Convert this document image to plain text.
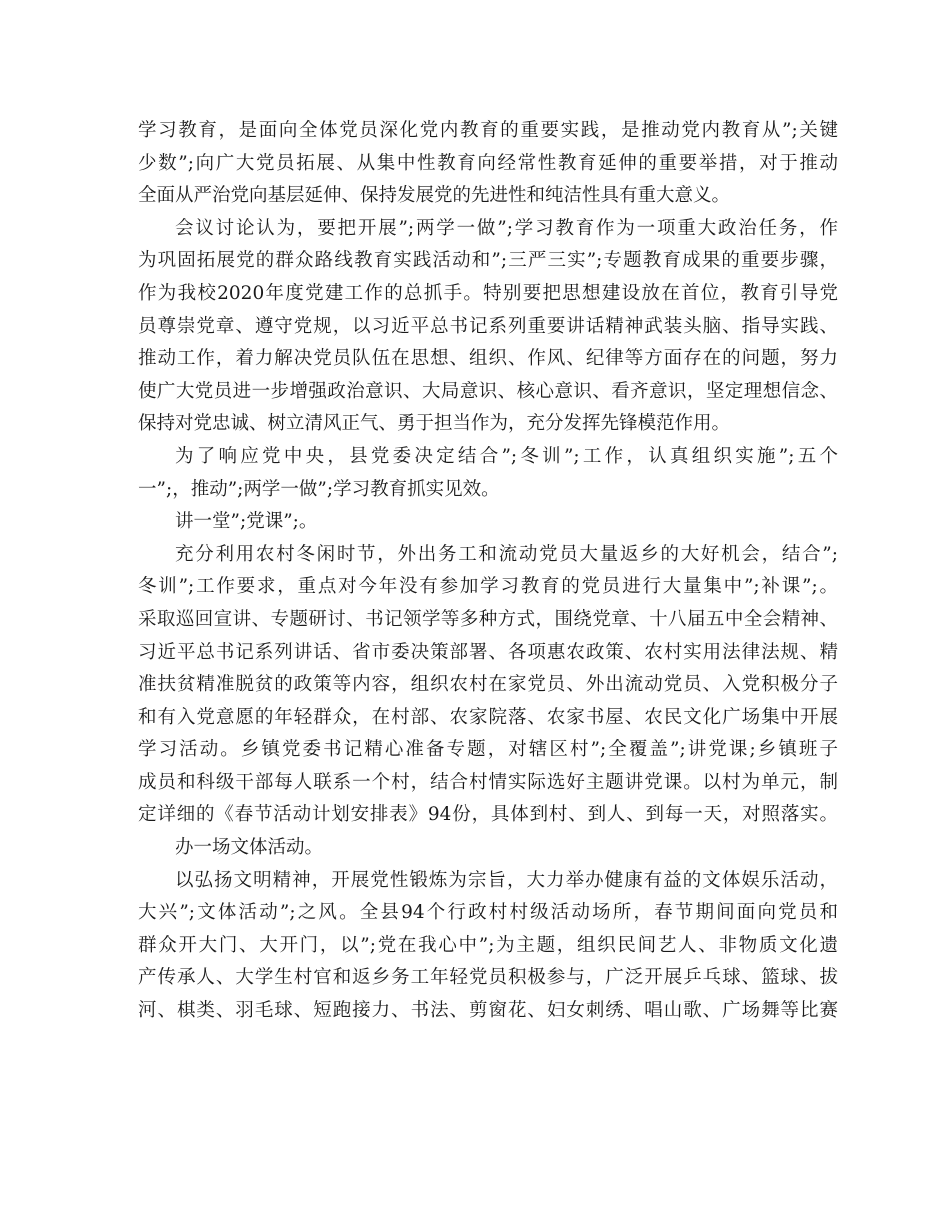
学习教育，是面向全体党员深化党内教育的重要实践，是推动党内教育从”;关键
少数”;向广大党员拓展、从集中性教育向经常性教育延伸的重要举措，对于推动
全面从严治党向基层延伸、保持发展党的先进性和纯洁性具有重大意义。
会议讨论认为，要把开展”;两学一做”;学习教育作为一项重大政治任务，作
为巩固拓展党的群众路线教育实践活动和”;三严三实”;专题教育成果的重要步骤，
作为我校2020年度党建工作的总抓手。特别要把思想建设放在首位，教育引导党
员尊崇党章、遵守党规，以习近平总书记系列重要讲话精神武装头脑、指导实践、
推动工作，着力解决党员队伍在思想、组织、作风、纪律等方面存在的问题，努力
使广大党员进一步增强政治意识、大局意识、核心意识、看齐意识，坚定理想信念、
保持对党忠诚、树立清风正气、勇于担当作为，充分发挥先锋模范作用。
为了响应党中央，县党委决定结合”;冬训”;工作，认真组织实施”;五个
一”;，推动”;两学一做”;学习教育抓实见效。
讲一堂”;党课”;。
充分利用农村冬闲时节，外出务工和流动党员大量返乡的大好机会，结合”;
冬训”;工作要求，重点对今年没有参加学习教育的党员进行大量集中”;补课”;。
采取巡回宣讲、专题研讨、书记领学等多种方式，围绕党章、十八届五中全会精神、
习近平总书记系列讲话、省市委决策部署、各项惠农政策、农村实用法律法规、精
准扶贫精准脱贫的政策等内容，组织农村在家党员、外出流动党员、入党积极分子
和有入党意愿的年轻群众，在村部、农家院落、农家书屋、农民文化广场集中开展
学习活动。乡镇党委书记精心准备专题，对辖区村”;全覆盖”;讲党课;乡镇班子
成员和科级干部每人联系一个村，结合村情实际选好主题讲党课。以村为单元，制
定详细的《春节活动计划安排表》94份，具体到村、到人、到每一天，对照落实。
办一场文体活动。
以弘扬文明精神，开展党性锻炼为宗旨，大力举办健康有益的文体娱乐活动，
大兴”;文体活动”;之风。全县94个行政村村级活动场所，春节期间面向党员和
群众开大门、大开门，以”;党在我心中”;为主题，组织民间艺人、非物质文化遗
产传承人、大学生村官和返乡务工年轻党员积极参与，广泛开展乒乓球、篮球、拔
河、棋类、羽毛球、短跑接力、书法、剪窗花、妇女刺绣、唱山歌、广场舞等比赛
